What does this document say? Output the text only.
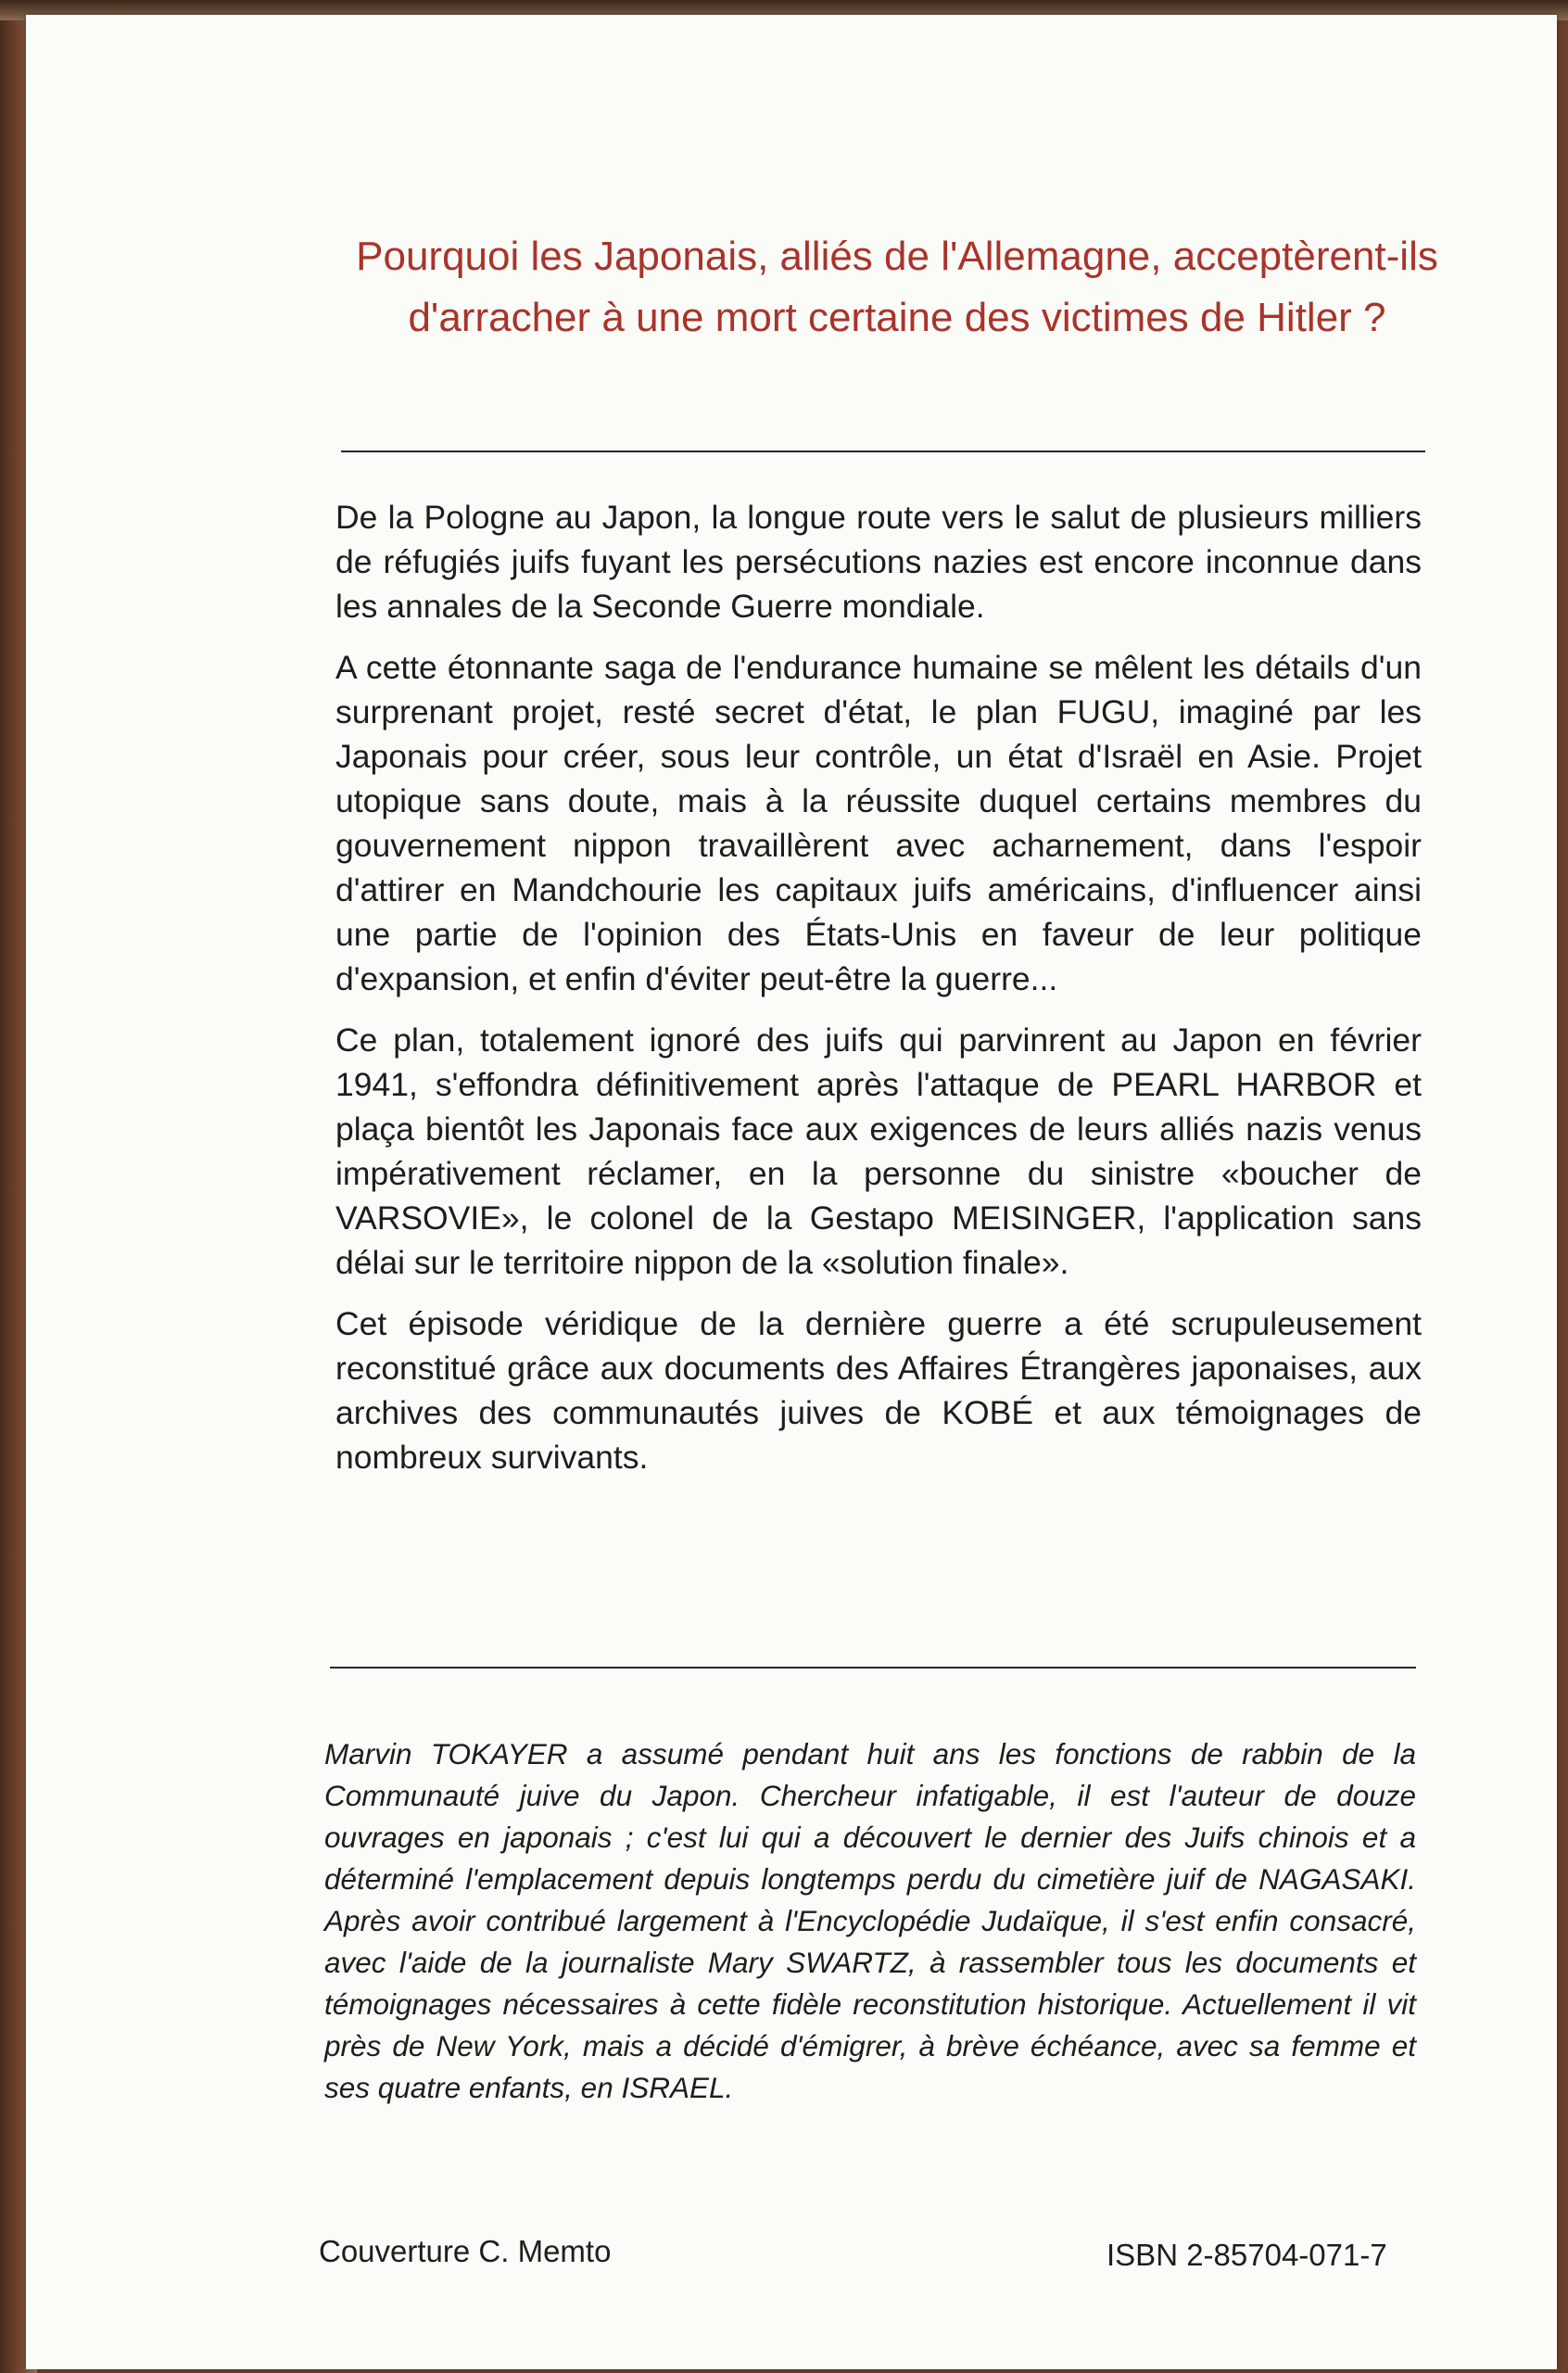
Pourquoi les Japonais, alliés de l'Allemagne, acceptèrent-ils d'arracher à une mort certaine des victimes de Hitler ?

De la Pologne au Japon, la longue route vers le salut de plusieurs milliers de réfugiés juifs fuyant les persécutions nazies est encore inconnue dans les annales de la Seconde Guerre mondiale.

A cette étonnante saga de l'endurance humaine se mêlent les détails d'un surprenant projet, resté secret d'état, le plan FUGU, imaginé par les Japonais pour créer, sous leur contrôle, un état d'Israël en Asie. Projet utopique sans doute, mais à la réussite duquel certains membres du gouvernement nippon travaillèrent avec acharnement, dans l'espoir d'attirer en Mandchourie les capitaux juifs américains, d'influencer ainsi une partie de l'opinion des États-Unis en faveur de leur politique d'expansion, et enfin d'éviter peut-être la guerre...

Ce plan, totalement ignoré des juifs qui parvinrent au Japon en février 1941, s'effondra définitivement après l'attaque de PEARL HARBOR et plaça bientôt les Japonais face aux exigences de leurs alliés nazis venus impérativement réclamer, en la personne du sinistre «boucher de VARSOVIE», le colonel de la Gestapo MEISINGER, l'application sans délai sur le territoire nippon de la «solution finale».

Cet épisode véridique de la dernière guerre a été scrupuleusement reconstitué grâce aux documents des Affaires Étrangères japonaises, aux archives des communautés juives de KOBÉ et aux témoignages de nombreux survivants.

Marvin TOKAYER a assumé pendant huit ans les fonctions de rabbin de la Communauté juive du Japon. Chercheur infatigable, il est l'auteur de douze ouvrages en japonais ; c'est lui qui a découvert le dernier des Juifs chinois et a déterminé l'emplacement depuis longtemps perdu du cimetière juif de NAGASAKI. Après avoir contribué largement à l'Encyclopédie Judaïque, il s'est enfin consacré, avec l'aide de la journaliste Mary SWARTZ, à rassembler tous les documents et témoignages nécessaires à cette fidèle reconstitution historique. Actuellement il vit près de New York, mais a décidé d'émigrer, à brève échéance, avec sa femme et ses quatre enfants, en ISRAEL.

Couverture C. Memto	ISBN 2-85704-071-7
